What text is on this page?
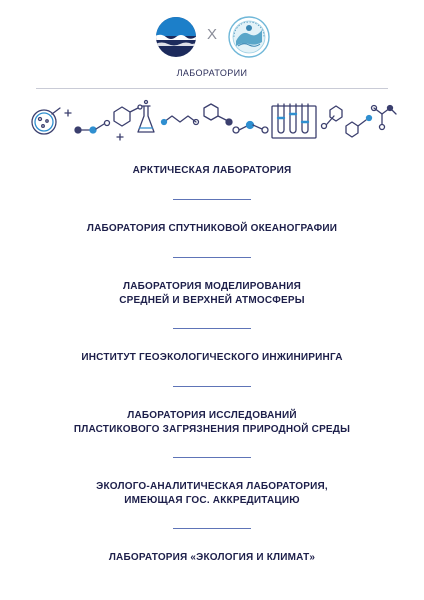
X
ЛАБОРАТОРИИ
АРКТИЧЕСКАЯ ЛАБОРАТОРИЯ
ЛАБОРАТОРИЯ СПУТНИКОВОЙ ОКЕАНОГРАФИИ
ЛАБОРАТОРИЯ МОДЕЛИРОВАНИЯ
СРЕДНЕЙ И ВЕРХНЕЙ АТМОСФЕРЫ
ИНСТИТУТ ГЕОЭКОЛОГИЧЕСКОГО ИНЖИНИРИНГА
ЛАБОРАТОРИЯ ИССЛЕДОВАНИЙ
ПЛАСТИКОВОГО ЗАГРЯЗНЕНИЯ ПРИРОДНОЙ СРЕДЫ
ЭКОЛОГО-АНАЛИТИЧЕСКАЯ ЛАБОРАТОРИЯ,
ИМЕЮЩАЯ ГОС. АККРЕДИТАЦИЮ
ЛАБОРАТОРИЯ «ЭКОЛОГИЯ И КЛИМАТ»
